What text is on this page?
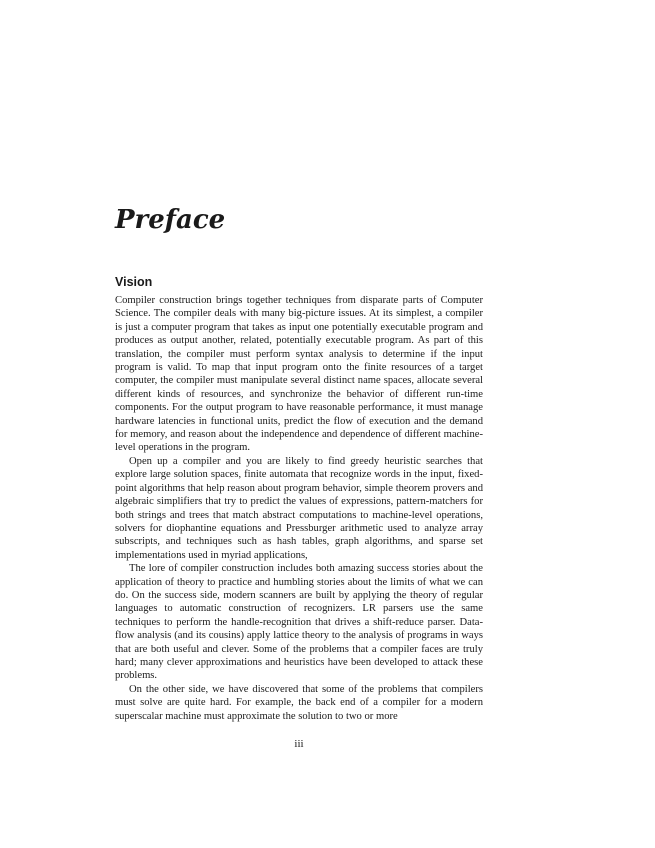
Preface
Vision

Compiler construction brings together techniques from disparate parts of Computer Science. The compiler deals with many big-picture issues. At its simplest, a compiler is just a computer program that takes as input one potentially executable program and produces as output another, related, potentially executable program. As part of this translation, the compiler must perform syntax analysis to determine if the input program is valid. To map that input program onto the finite resources of a target computer, the compiler must manipulate several distinct name spaces, allocate several different kinds of resources, and synchronize the behavior of different run-time components. For the output program to have reasonable performance, it must manage hardware latencies in functional units, predict the flow of execution and the demand for memory, and reason about the independence and dependence of different machine-level operations in the program.

Open up a compiler and you are likely to find greedy heuristic searches that explore large solution spaces, finite automata that recognize words in the input, fixed-point algorithms that help reason about program behavior, simple theorem provers and algebraic simplifiers that try to predict the values of expressions, pattern-matchers for both strings and trees that match abstract computations to machine-level operations, solvers for diophantine equations and Pressburger arithmetic used to analyze array subscripts, and techniques such as hash tables, graph algorithms, and sparse set implementations used in myriad applications,

The lore of compiler construction includes both amazing success stories about the application of theory to practice and humbling stories about the limits of what we can do. On the success side, modern scanners are built by applying the theory of regular languages to automatic construction of recognizers. LR parsers use the same techniques to perform the handle-recognition that drives a shift-reduce parser. Data-flow analysis (and its cousins) apply lattice theory to the analysis of programs in ways that are both useful and clever. Some of the problems that a compiler faces are truly hard; many clever approximations and heuristics have been developed to attack these problems.

On the other side, we have discovered that some of the problems that compilers must solve are quite hard. For example, the back end of a compiler for a modern superscalar machine must approximate the solution to two or more

iii
